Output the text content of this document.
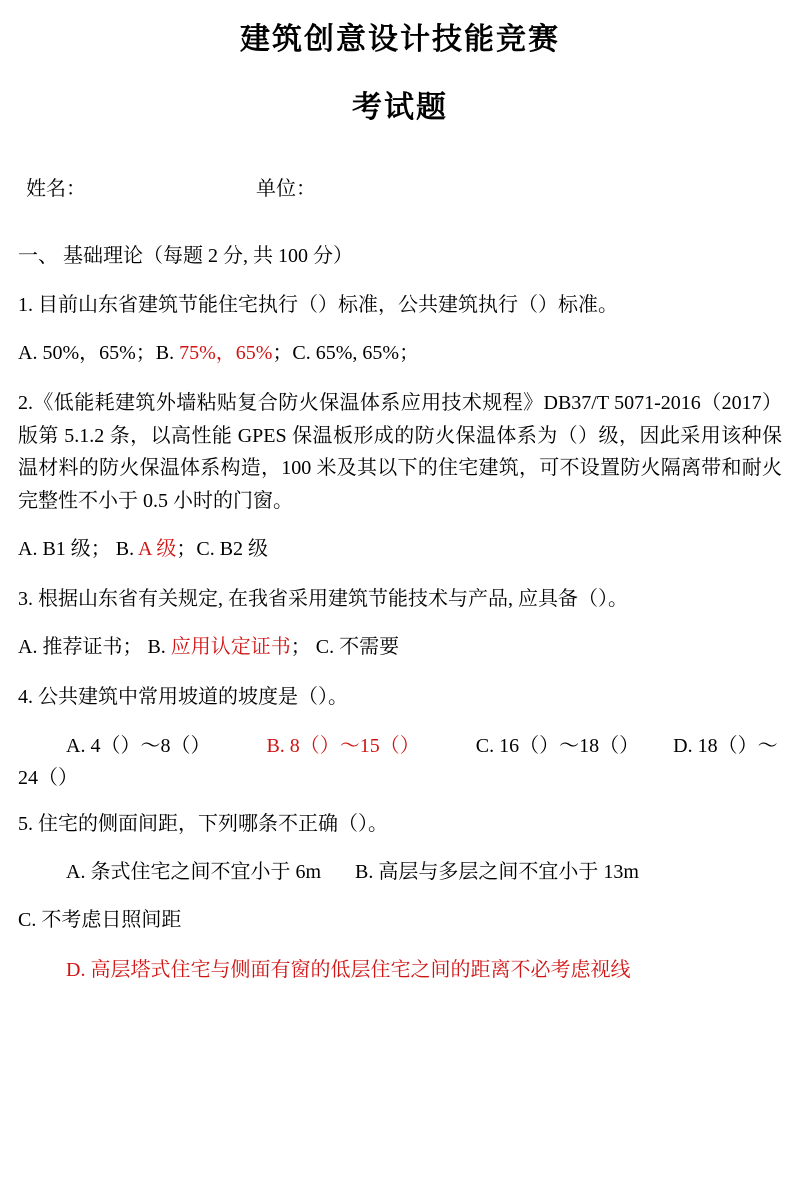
建筑创意设计技能竞赛
考试题
姓名：	单位：
一、 基础理论（每题 2 分, 共 100 分）
1. 目前山东省建筑节能住宅执行（）标准，公共建筑执行（）标准。
A. 50%，65%；B. 75%，65%；C. 65%, 65%；
2.《低能耗建筑外墙粘贴复合防火保温体系应用技术规程》DB37/T 5071-2016（2017）版第 5.1.2 条，以高性能 GPES 保温板形成的防火保温体系为（）级，因此采用该种保温材料的防火保温体系构造，100 米及其以下的住宅建筑，可不设置防火隔离带和耐火完整性不小于 0.5 小时的门窗。
A. B1 级； B. A 级；C. B2 级
3. 根据山东省有关规定, 在我省采用建筑节能技术与产品, 应具备（）。
A. 推荐证书； B. 应用认定证书； C. 不需要
4. 公共建筑中常用坡道的坡度是（）。
A. 4（）～8（）	B. 8（）～15（）	C. 16（）～18（） D. 18（）～24（）
5. 住宅的侧面间距，下列哪条不正确（）。
A. 条式住宅之间不宜小于 6m B. 高层与多层之间不宜小于 13m
C. 不考虑日照间距
D. 高层塔式住宅与侧面有窗的低层住宅之间的距离不必考虑视线
